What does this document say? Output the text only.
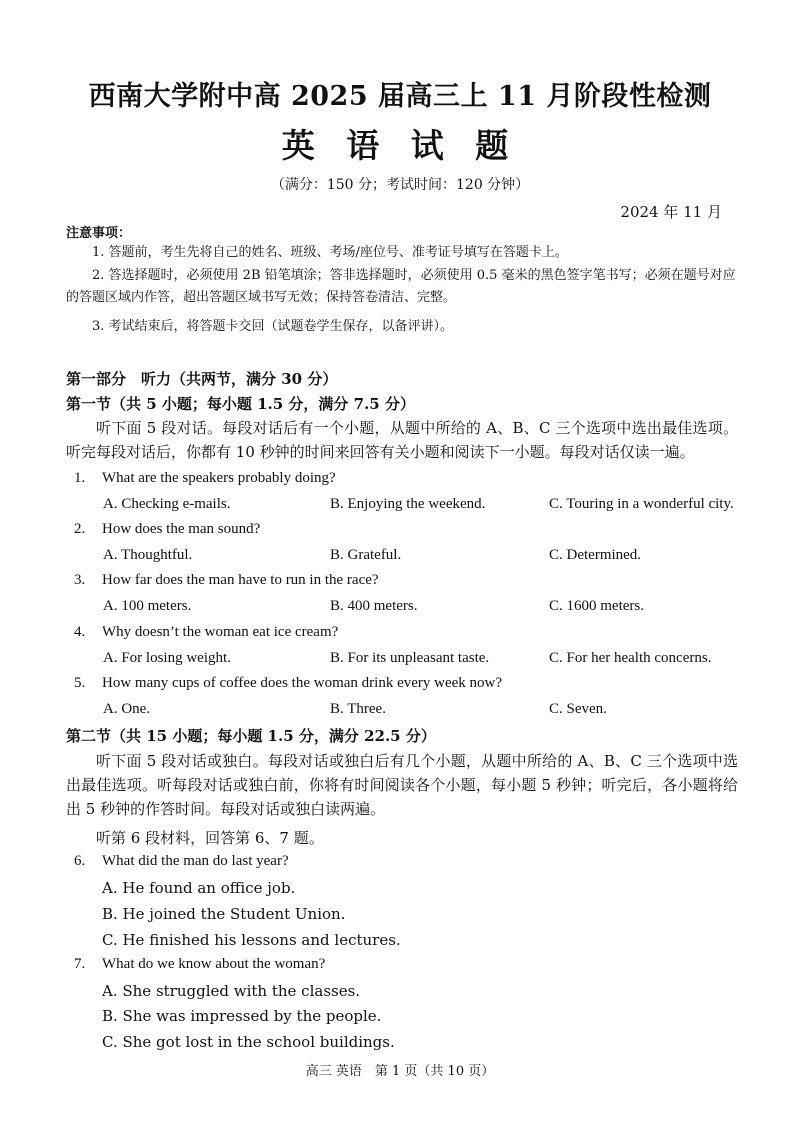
西南大学附中高 2025 届高三上 11 月阶段性检测
英 语 试 题
（满分：150 分；考试时间：120 分钟）
2024 年 11 月
注意事项：
1. 答题前，考生先将自己的姓名、班级、考场/座位号、准考证号填写在答题卡上。
2. 答选择题时，必须使用 2B 铅笔填涂；答非选择题时，必须使用 0.5 毫米的黑色签字笔书写；必须在题号对应的答题区域内作答，超出答题区域书写无效；保持答卷清洁、完整。
3. 考试结束后，将答题卡交回（试题卷学生保存，以备评讲）。
第一部分　听力（共两节，满分 30 分）
第一节（共 5 小题；每小题 1.5 分，满分 7.5 分）
听下面 5 段对话。每段对话后有一个小题，从题中所给的 A、B、C 三个选项中选出最佳选项。听完每段对话后，你都有 10 秒钟的时间来回答有关小题和阅读下一小题。每段对话仅读一遍。
1. What are the speakers probably doing?
A. Checking e-mails.	B. Enjoying the weekend.	C. Touring in a wonderful city.
2. How does the man sound?
A. Thoughtful.	B. Grateful.	C. Determined.
3. How far does the man have to run in the race?
A. 100 meters.	B. 400 meters.	C. 1600 meters.
4. Why doesn’t the woman eat ice cream?
A. For losing weight.	B. For its unpleasant taste.	C. For her health concerns.
5. How many cups of coffee does the woman drink every week now?
A. One.	B. Three.	C. Seven.
第二节（共 15 小题；每小题 1.5 分，满分 22.5 分）
听下面 5 段对话或独白。每段对话或独白后有几个小题，从题中所给的 A、B、C 三个选项中选出最佳选项。听每段对话或独白前，你将有时间阅读各个小题，每小题 5 秒钟；听完后，各小题将给出 5 秒钟的作答时间。每段对话或独白读两遍。
听第 6 段材料，回答第 6、7 题。
6. What did the man do last year?
A. He found an office job.
B. He joined the Student Union.
C. He finished his lessons and lectures.
7. What do we know about the woman?
A. She struggled with the classes.
B. She was impressed by the people.
C. She got lost in the school buildings.
高三 英语　第 1 页（共 10 页）
